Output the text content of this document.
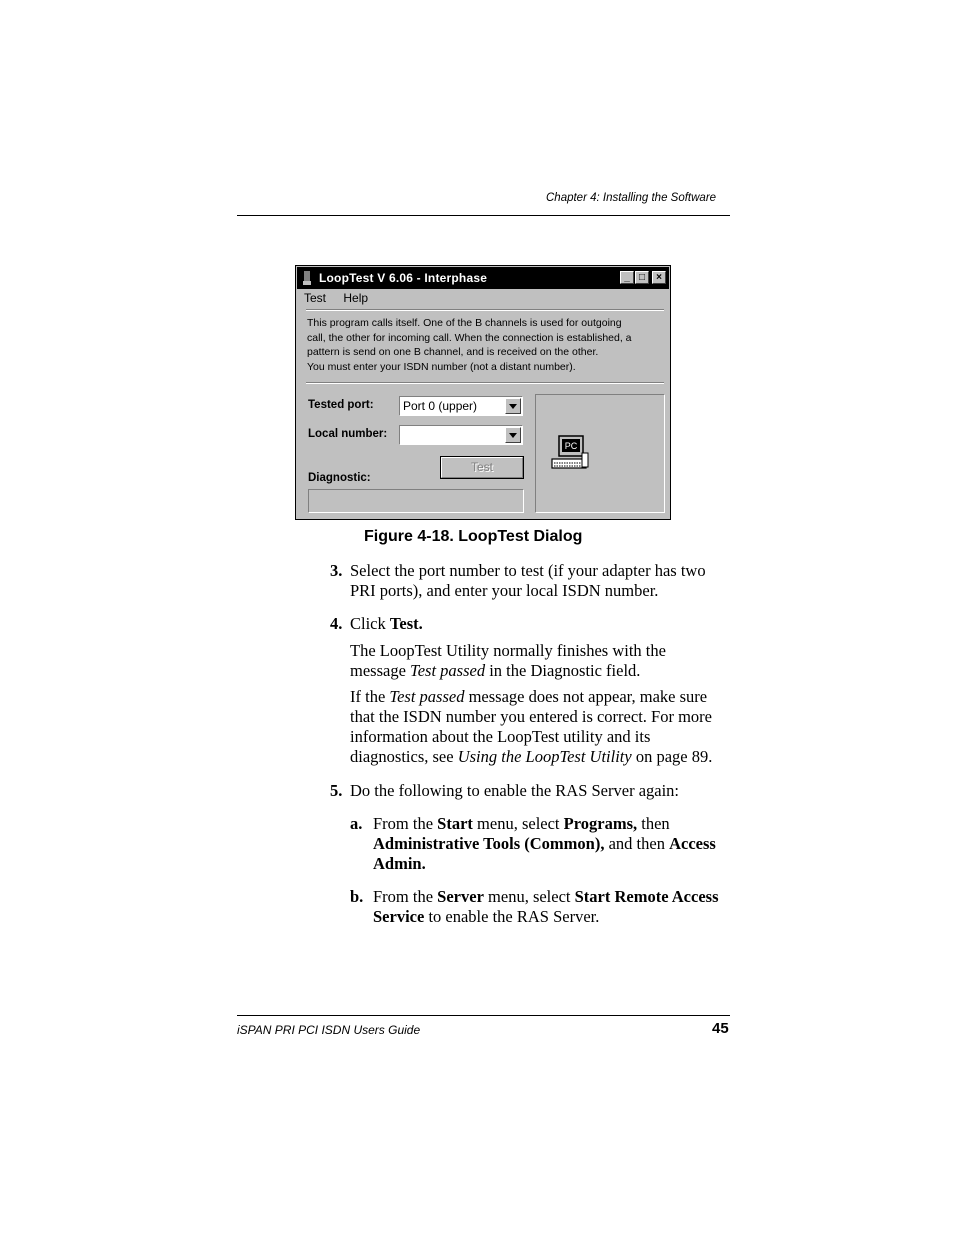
Chapter 4: Installing the Software
LoopTest V 6.06 - Interphase	_ □	×
Test Help
This program calls itself. One of the B channels is used for outgoing
call, the other for incoming call. When the connection is established, a
pattern is send on one B channel, and is received on the other.
You must enter your ISDN number (not a distant number).
Tested port: Port 0 (upper)
Local number:
Test
Diagnostic:
PC
Figure 4-18. LoopTest Dialog
3. Select the port number to test (if your adapter has two
PRI ports), and enter your local ISDN number.
4. Click Test.
The LoopTest Utility normally finishes with the
message Test passed in the Diagnostic field.
If the Test passed message does not appear, make sure
that the ISDN number you entered is correct. For more
information about the LoopTest utility and its
diagnostics, see Using the LoopTest Utility on page 89.
5. Do the following to enable the RAS Server again:
a. From the Start menu, select Programs, then
Administrative Tools (Common), and then Access
Admin.
b. From the Server menu, select Start Remote Access
Service to enable the RAS Server.
iSPAN PRI PCI ISDN Users Guide	45
